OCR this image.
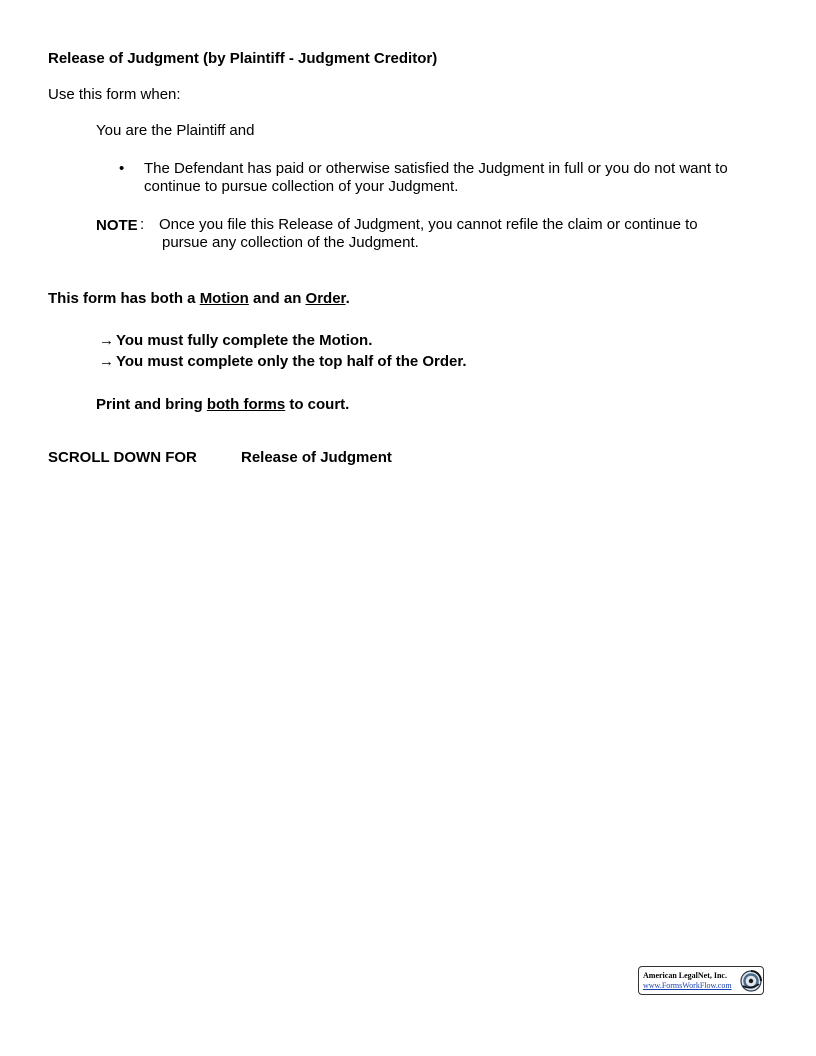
Release of Judgment (by Plaintiff - Judgment Creditor)
Use this form when:
You are the Plaintiff and
• The Defendant has paid or otherwise satisfied the Judgment in full or you do not want to continue to pursue collection of your Judgment.
NOTE : Once you file this Release of Judgment, you cannot refile the claim or continue to
pursue any collection of the Judgment.
This form has both a Motion and an Order.
→ You must fully complete the Motion.
→ You must complete only the top half of the Order.
Print and bring both forms to court.
SCROLL DOWN FOR	Release of Judgment
American LegalNet, Inc.
www.FormsWorkFlow.com
